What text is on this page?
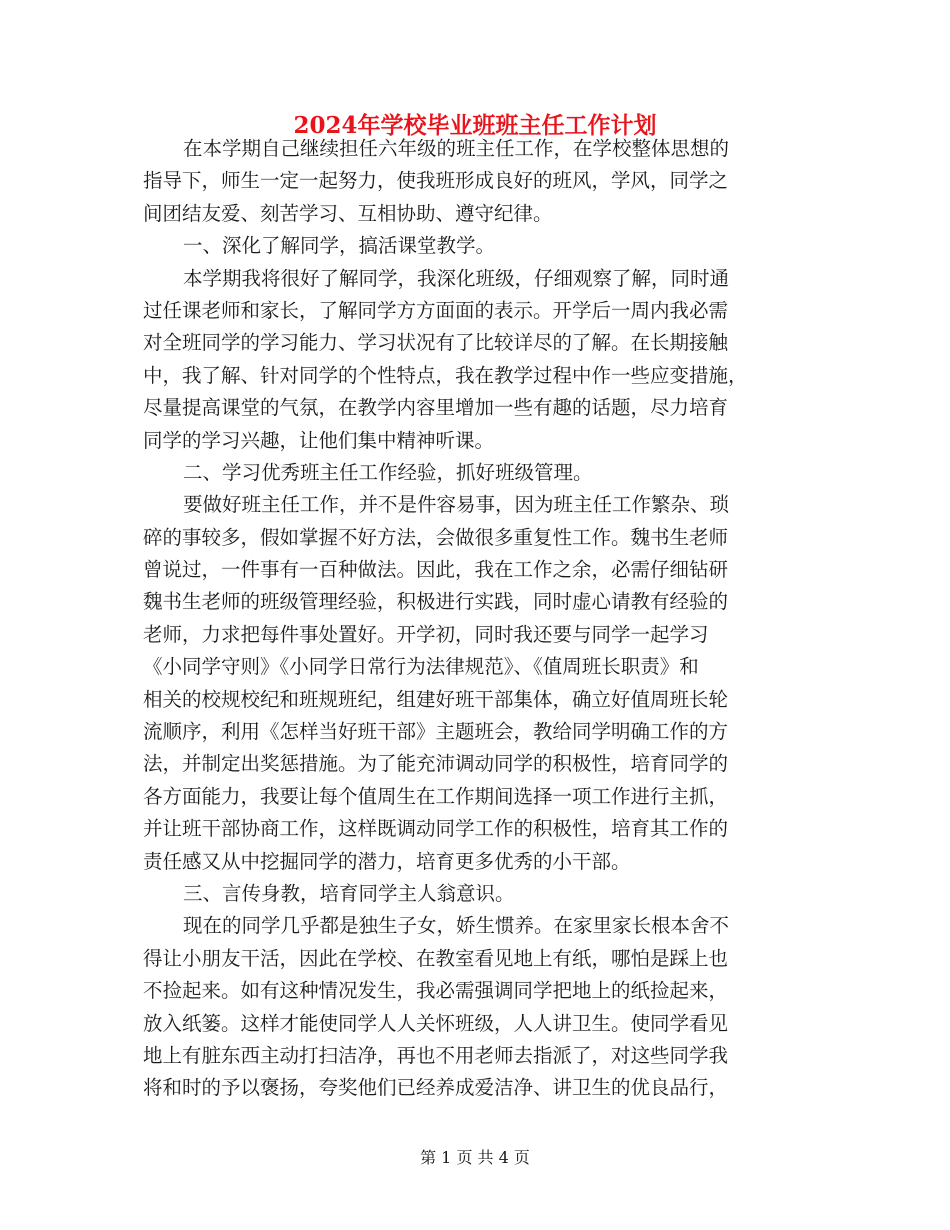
2024年学校毕业班班主任工作计划

在本学期自己继续担任六年级的班主任工作，在学校整体思想的

指导下，师生一定一起努力，使我班形成良好的班风，学风，同学之

间团结友爱、刻苦学习、互相协助、遵守纪律。

一、深化了解同学，搞活课堂教学。

本学期我将很好了解同学，我深化班级，仔细观察了解，同时通

过任课老师和家长，了解同学方方面面的表示。开学后一周内我必需

对全班同学的学习能力、学习状况有了比较详尽的了解。在长期接触

中，我了解、针对同学的个性特点，我在教学过程中作一些应变措施，

尽量提高课堂的气氛，在教学内容里增加一些有趣的话题，尽力培育

同学的学习兴趣，让他们集中精神听课。

二、学习优秀班主任工作经验，抓好班级管理。

要做好班主任工作，并不是件容易事，因为班主任工作繁杂、琐

碎的事较多，假如掌握不好方法，会做很多重复性工作。魏书生老师

曾说过，一件事有一百种做法。因此，我在工作之余，必需仔细钻研

魏书生老师的班级管理经验，积极进行实践，同时虚心请教有经验的

老师，力求把每件事处置好。开学初，同时我还要与同学一起学习

《小同学守则》《小同学日常行为法律规范》、《值周班长职责》和

相关的校规校纪和班规班纪，组建好班干部集体，确立好值周班长轮

流顺序，利用《怎样当好班干部》主题班会，教给同学明确工作的方

法，并制定出奖惩措施。为了能充沛调动同学的积极性，培育同学的

各方面能力，我要让每个值周生在工作期间选择一项工作进行主抓，

并让班干部协商工作，这样既调动同学工作的积极性，培育其工作的

责任感又从中挖掘同学的潜力，培育更多优秀的小干部。

三、言传身教，培育同学主人翁意识。

现在的同学几乎都是独生子女，娇生惯养。在家里家长根本舍不

得让小朋友干活，因此在学校、在教室看见地上有纸，哪怕是踩上也

不捡起来。如有这种情况发生，我必需强调同学把地上的纸捡起来，

放入纸篓。这样才能使同学人人关怀班级，人人讲卫生。使同学看见

地上有脏东西主动打扫洁净，再也不用老师去指派了，对这些同学我

将和时的予以褒扬，夸奖他们已经养成爱洁净、讲卫生的优良品行，

第 1 页 共 4 页
